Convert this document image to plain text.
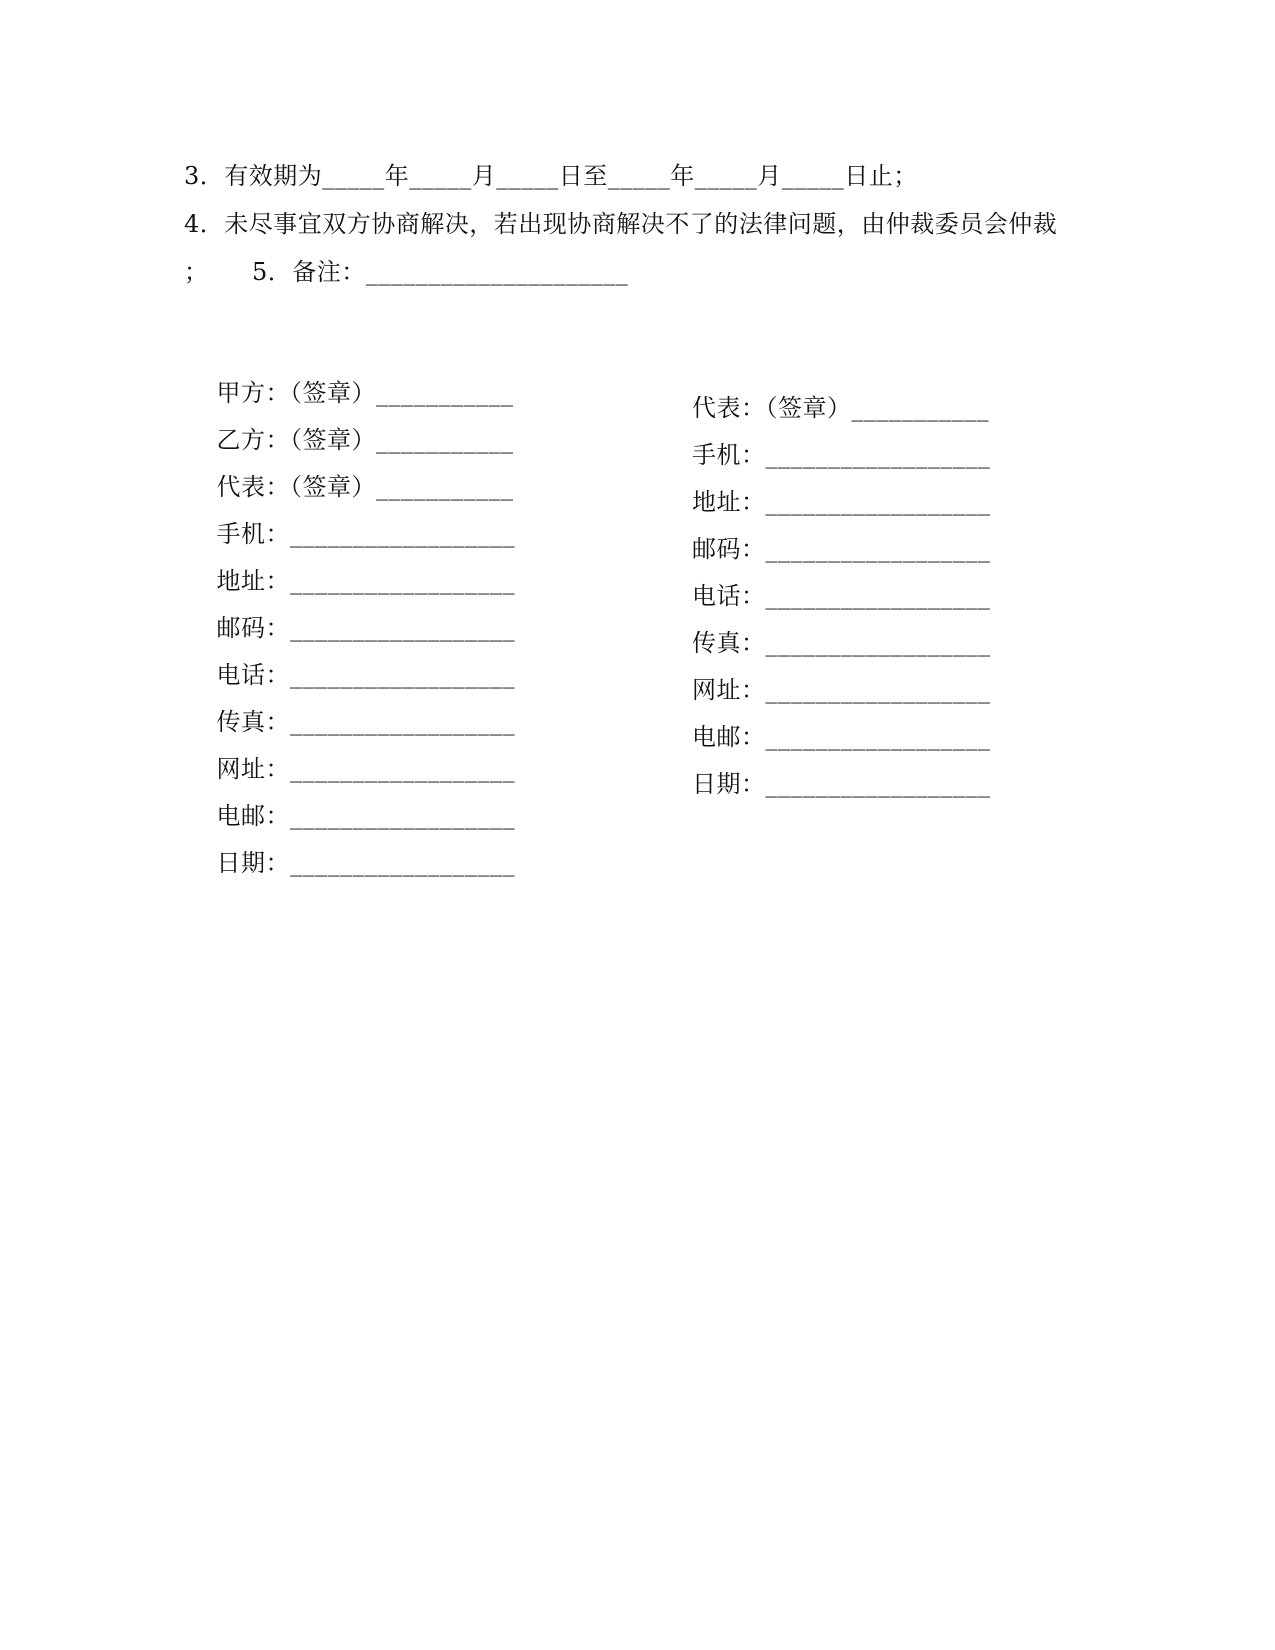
3．有效期为_____年_____月_____日至_____年_____月_____日止；
4．未尽事宜双方协商解决，若出现协商解决不了的法律问题，由仲裁委员会仲裁
； 5．备注：_____________________

甲方：（签章）___________

乙方：（签章）___________

代表：（签章）___________

代表：（签章）___________

手机：__________________

手机：__________________

地址：__________________

地址：__________________

邮码：__________________

邮码：__________________

电话：__________________

电话：__________________

传真：__________________

传真：__________________

网址：__________________

网址：__________________

电邮：__________________

电邮：__________________

日期：__________________

日期：__________________
